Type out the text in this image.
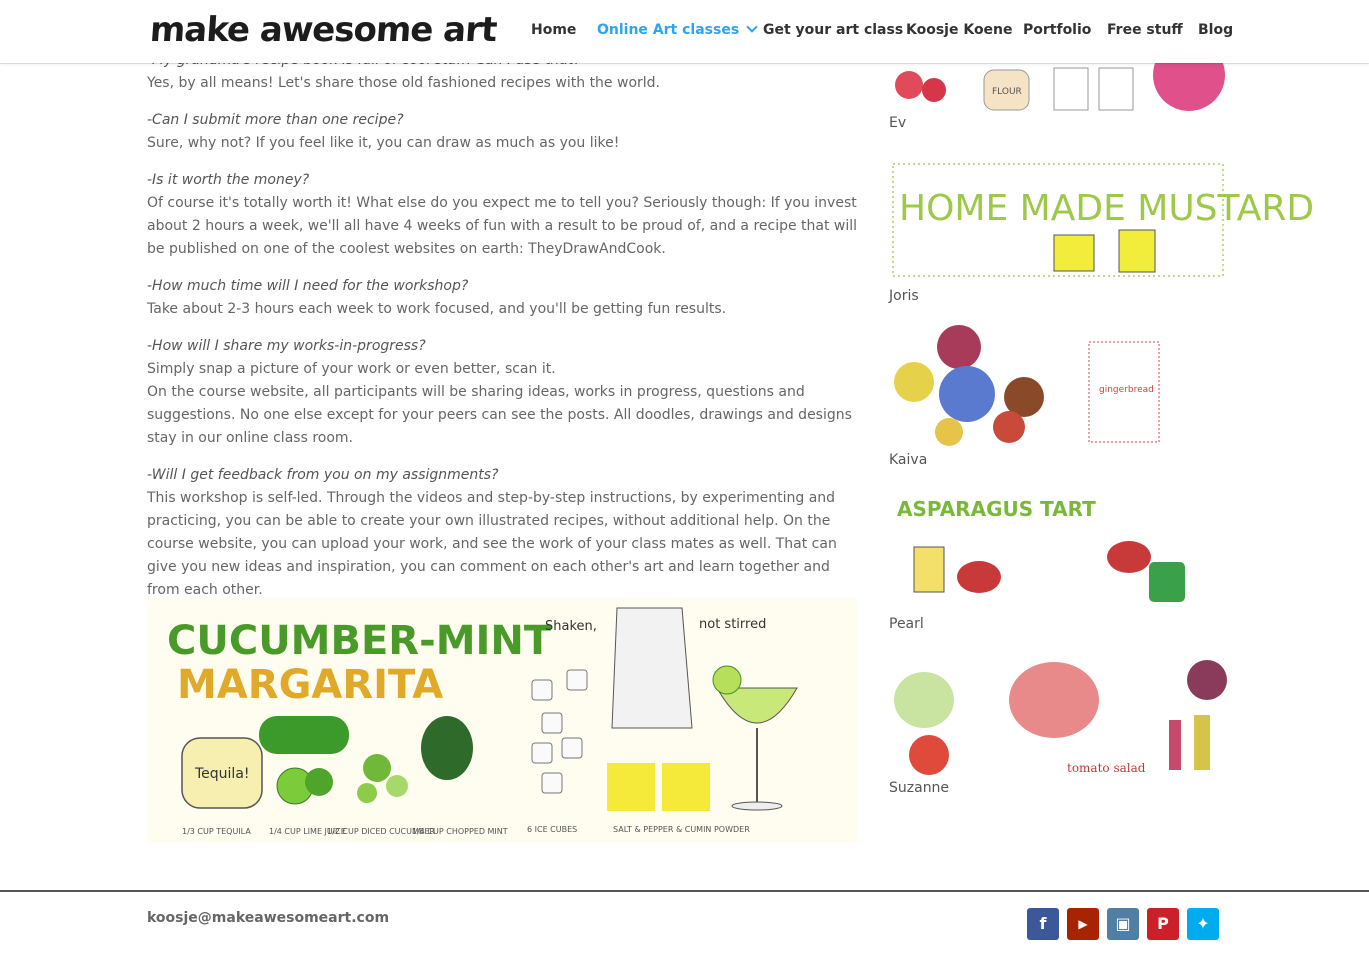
Yes, by all means! Let's share those old fashioned recipes with the world.
-Can I submit more than one recipe?
Sure, why not? If you feel like it, you can draw as much as you like!
-Is it worth the money?
Of course it's totally worth it! What else do you expect me to tell you? Seriously though: If you invest about 2 hours a week, we'll all have 4 weeks of fun with a result to be proud of, and a recipe that will be published on one of the coolest websites on earth: TheyDrawAndCook.
-How much time will I need for the workshop?
Take about 2-3 hours each week to work focused, and you'll be getting fun results.
-How will I share my works-in-progress?
Simply snap a picture of your work or even better, scan it.
On the course website, all participants will be sharing ideas, works in progress, questions and suggestions. No one else except for your peers can see the posts. All doodles, drawings and designs stay in our online class room.
-Will I get feedback from you on my assignments?
This workshop is self-led. Through the videos and step-by-step instructions, by experimenting and practicing, you can be able to create your own illustrated recipes, without additional help. On the course website, you can upload your work, and see the work of your class mates as well. That can give you new ideas and inspiration, you can comment on each other's art and learn together and from each other.
CUCUMBER-MINT
MARGARITA
Tequila!
1/3 CUP TEQUILA 1/4 CUP LIME JUICE
1/2 CUP DICED CUCUMBER
1/4 CUP CHOPPED MINT 6 ICE CUBES	SALT & PEPPER & CUMIN POWDER
Shaken,	not stirred
FLOUR
Ev
HOME MADE MUSTARD
Joris
gingerbread
Kaiva
ASPARAGUS TART
Pearl
tomato salad
Suzanne
make awesome art Home Online Art classes	Get your art class Koosje Koene Portfolio Free stuff Blog
koosje@makeawesomeart.com	f	▶	▣	P	✦
